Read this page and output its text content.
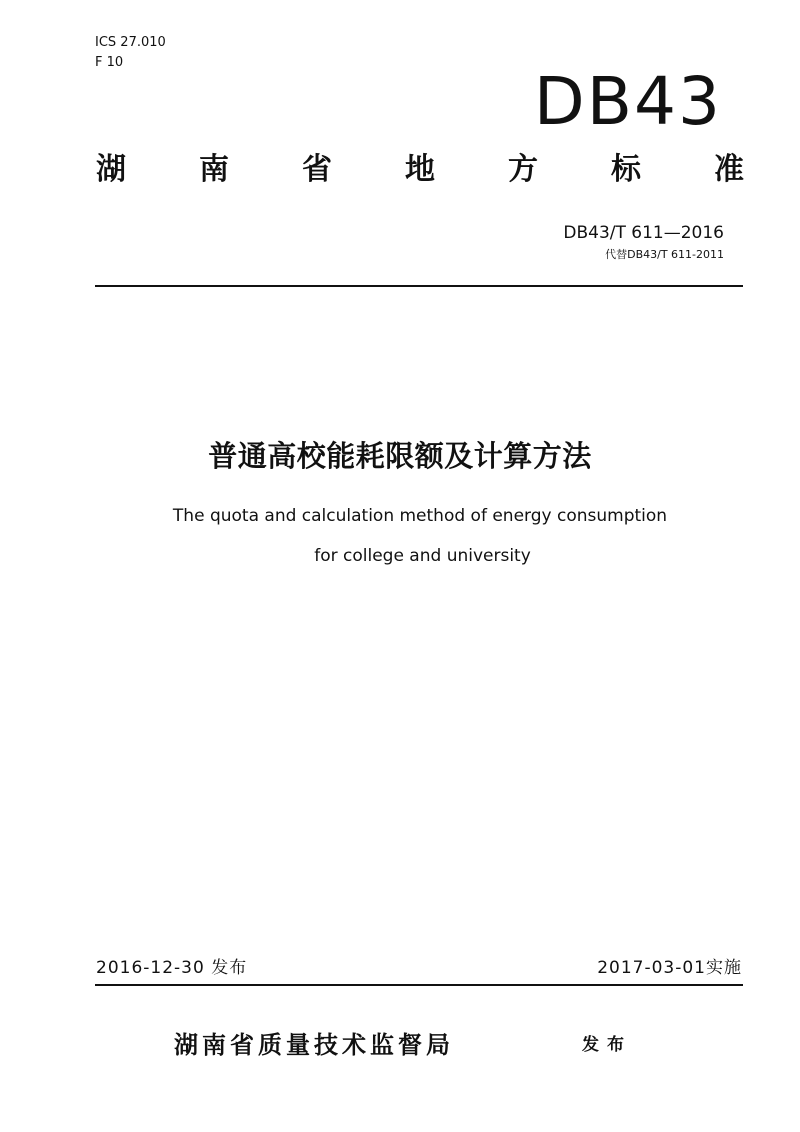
ICS 27.010
F 10
DB43
湖 南 省 地 方 标 准
DB43/T 611—2016
代替DB43/T 611-2011
普通高校能耗限额及计算方法
The quota and calculation method of energy consumption
for college and university
2016-12-30 发布	2017-03-01实施
湖南省质量技术监督局	发布
